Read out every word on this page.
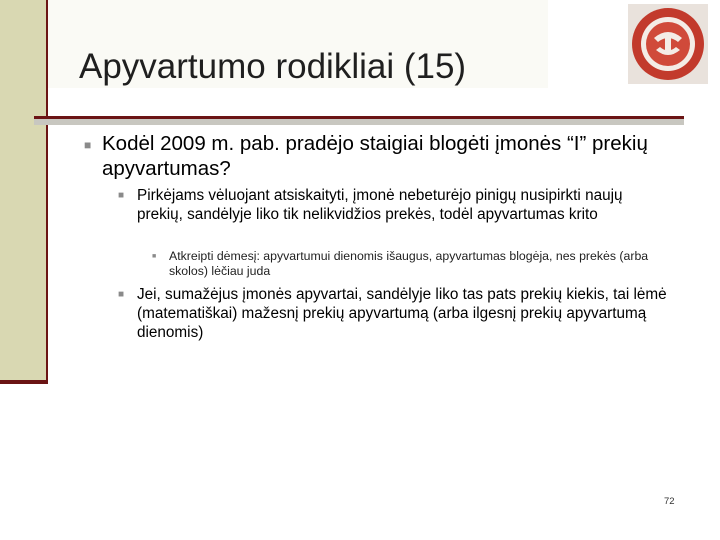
Apyvartumo rodikliai (15)
■ Kodėl 2009 m. pab. pradėjo staigiai blogėti įmonės “I” prekių apyvartumas?
■ Pirkėjams vėluojant atsiskaityti, įmonė nebeturėjo pinigų nusipirkti naujų prekių, sandėlyje liko tik nelikvidžios prekės, todėl apyvartumas krito
■ Atkreipti dėmesį: apyvartumui dienomis išaugus, apyvartumas blogėja, nes prekės (arba skolos) lėčiau juda
■ Jei, sumažėjus įmonės apyvartai, sandėlyje liko tas pats prekių kiekis, tai lėmė (matematiškai) mažesnį prekių apyvartumą (arba ilgesnį prekių apyvartumą dienomis)
72
